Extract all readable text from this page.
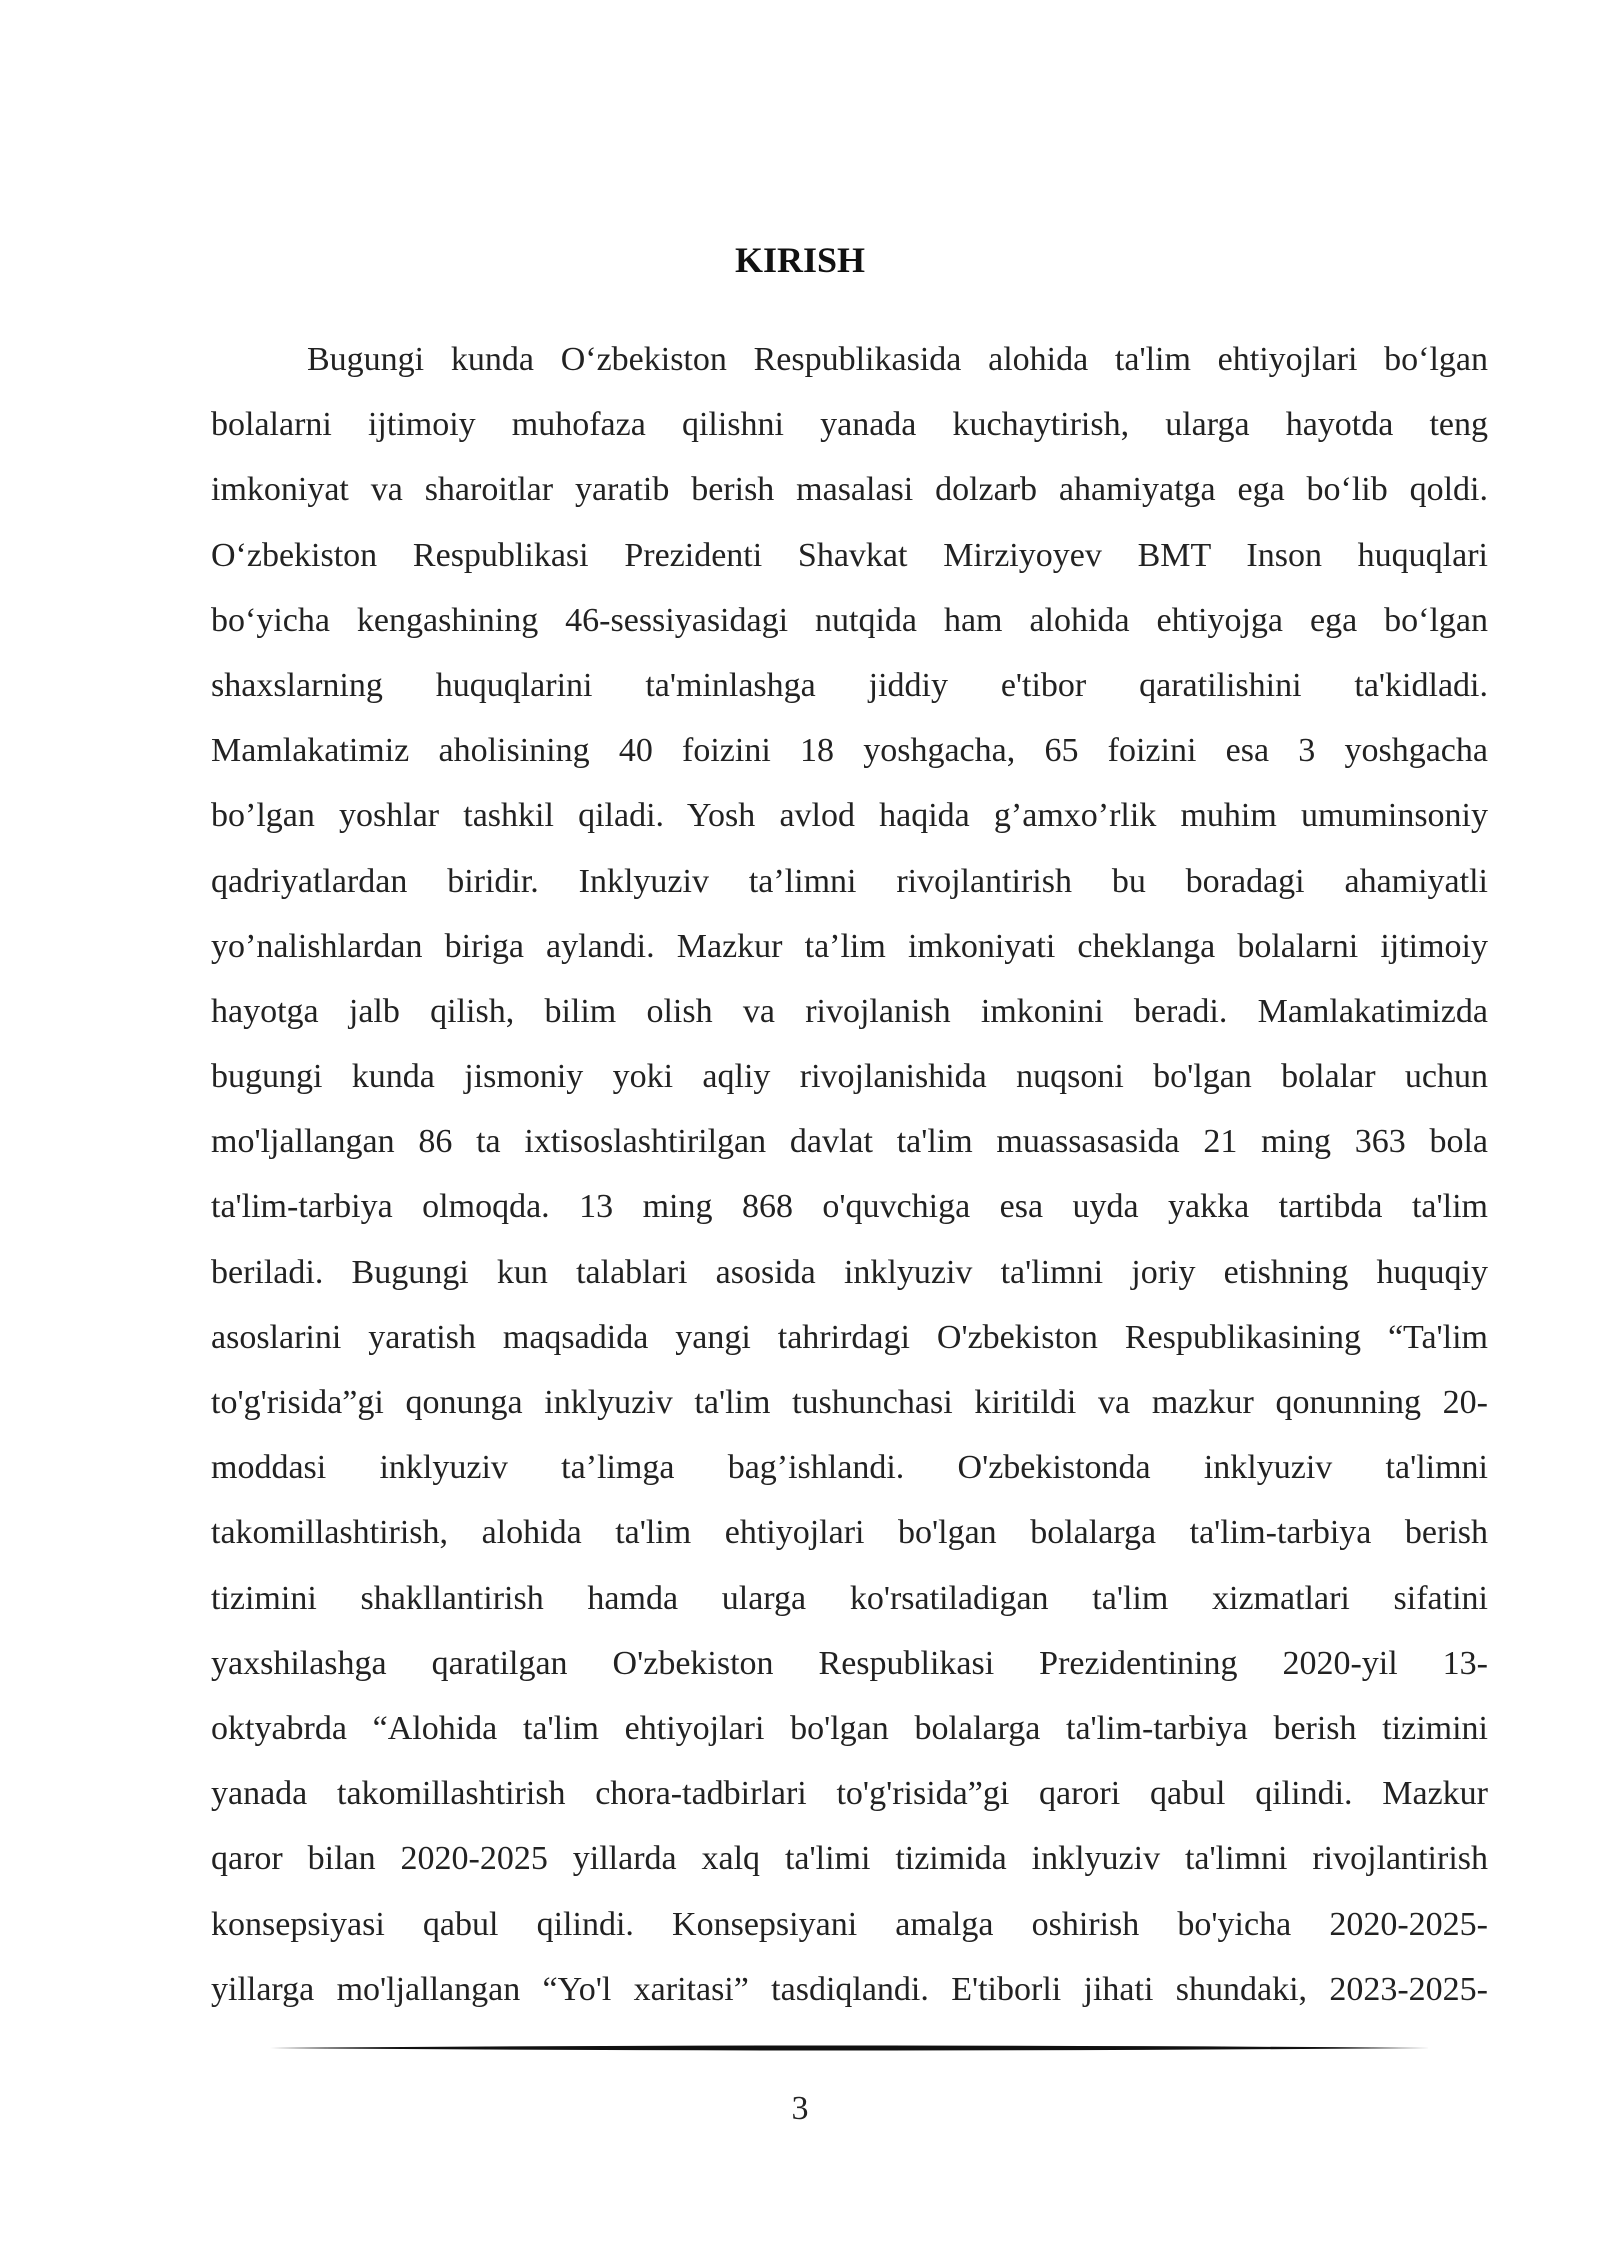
KIRISH
Bugungi kunda O‘zbekiston Respublikasida alohida ta'lim ehtiyojlari bo‘lgan
bolalarni ijtimoiy muhofaza qilishni yanada kuchaytirish, ularga hayotda teng
imkoniyat va sharoitlar yaratib berish masalasi dolzarb ahamiyatga ega bo‘lib qoldi.
O‘zbekiston Respublikasi Prezidenti Shavkat Mirziyoyev BMT Inson huquqlari
bo‘yicha kengashining 46-sessiyasidagi nutqida ham alohida ehtiyojga ega bo‘lgan
shaxslarning huquqlarini ta'minlashga jiddiy e'tibor qaratilishini ta'kidladi.
Mamlakatimiz aholisining 40 foizini 18 yoshgacha, 65 foizini esa 3 yoshgacha
bo’lgan yoshlar tashkil qiladi. Yosh avlod haqida g’amxo’rlik muhim umuminsoniy
qadriyatlardan biridir. Inklyuziv ta’limni rivojlantirish bu boradagi ahamiyatli
yo’nalishlardan biriga aylandi. Mazkur ta’lim imkoniyati cheklanga bolalarni ijtimoiy
hayotga jalb qilish, bilim olish va rivojlanish imkonini beradi. Mamlakatimizda
bugungi kunda jismoniy yoki aqliy rivojlanishida nuqsoni bo'lgan bolalar uchun
mo'ljallangan 86 ta ixtisoslashtirilgan davlat ta'lim muassasasida 21 ming 363 bola
ta'lim-tarbiya olmoqda. 13 ming 868 o'quvchiga esa uyda yakka tartibda ta'lim
beriladi. Bugungi kun talablari asosida inklyuziv ta'limni joriy etishning huquqiy
asoslarini yaratish maqsadida yangi tahrirdagi O'zbekiston Respublikasining “Ta'lim
to'g'risida”gi qonunga inklyuziv ta'lim tushunchasi kiritildi va mazkur qonunning 20-
moddasi inklyuziv ta’limga bag’ishlandi. O'zbekistonda inklyuziv ta'limni
takomillashtirish, alohida ta'lim ehtiyojlari bo'lgan bolalarga ta'lim-tarbiya berish
tizimini shakllantirish hamda ularga ko'rsatiladigan ta'lim xizmatlari sifatini
yaxshilashga qaratilgan O'zbekiston Respublikasi Prezidentining 2020-yil 13-
oktyabrda “Alohida ta'lim ehtiyojlari bo'lgan bolalarga ta'lim-tarbiya berish tizimini
yanada takomillashtirish chora-tadbirlari to'g'risida”gi qarori qabul qilindi. Mazkur
qaror bilan 2020-2025 yillarda xalq ta'limi tizimida inklyuziv ta'limni rivojlantirish
konsepsiyasi qabul qilindi. Konsepsiyani amalga oshirish bo'yicha 2020-2025-
yillarga mo'ljallangan “Yo'l xaritasi” tasdiqlandi. E'tiborli jihati shundaki, 2023-2025-
3
